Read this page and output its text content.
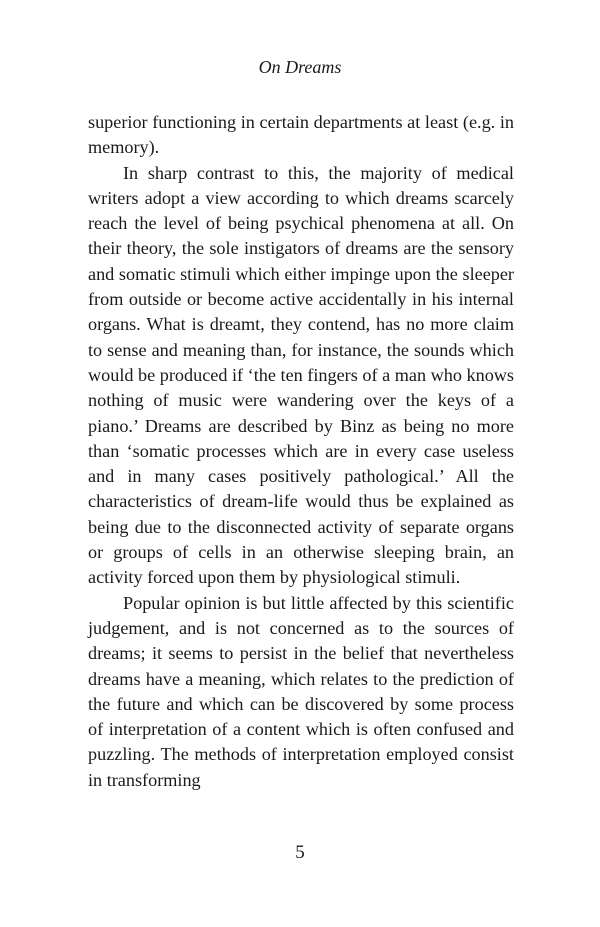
On Dreams

superior functioning in certain departments at least (e.g. in memory).

In sharp contrast to this, the majority of medical writers adopt a view according to which dreams scarcely reach the level of being psychical phenomena at all. On their theory, the sole instigators of dreams are the sensory and somatic stimuli which either impinge upon the sleeper from outside or become active accidentally in his internal organs. What is dreamt, they contend, has no more claim to sense and meaning than, for instance, the sounds which would be produced if ‘the ten fingers of a man who knows nothing of music were wandering over the keys of a piano.’ Dreams are described by Binz as being no more than ‘somatic processes which are in every case useless and in many cases positively pathological.’ All the characteristics of dream-life would thus be explained as being due to the disconnected activity of separate organs or groups of cells in an otherwise sleeping brain, an activity forced upon them by physiological stimuli.

Popular opinion is but little affected by this scientific judgement, and is not concerned as to the sources of dreams; it seems to persist in the belief that nevertheless dreams have a meaning, which relates to the prediction of the future and which can be discovered by some process of interpretation of a content which is often confused and puzzling. The methods of interpretation employed consist in transforming

5
